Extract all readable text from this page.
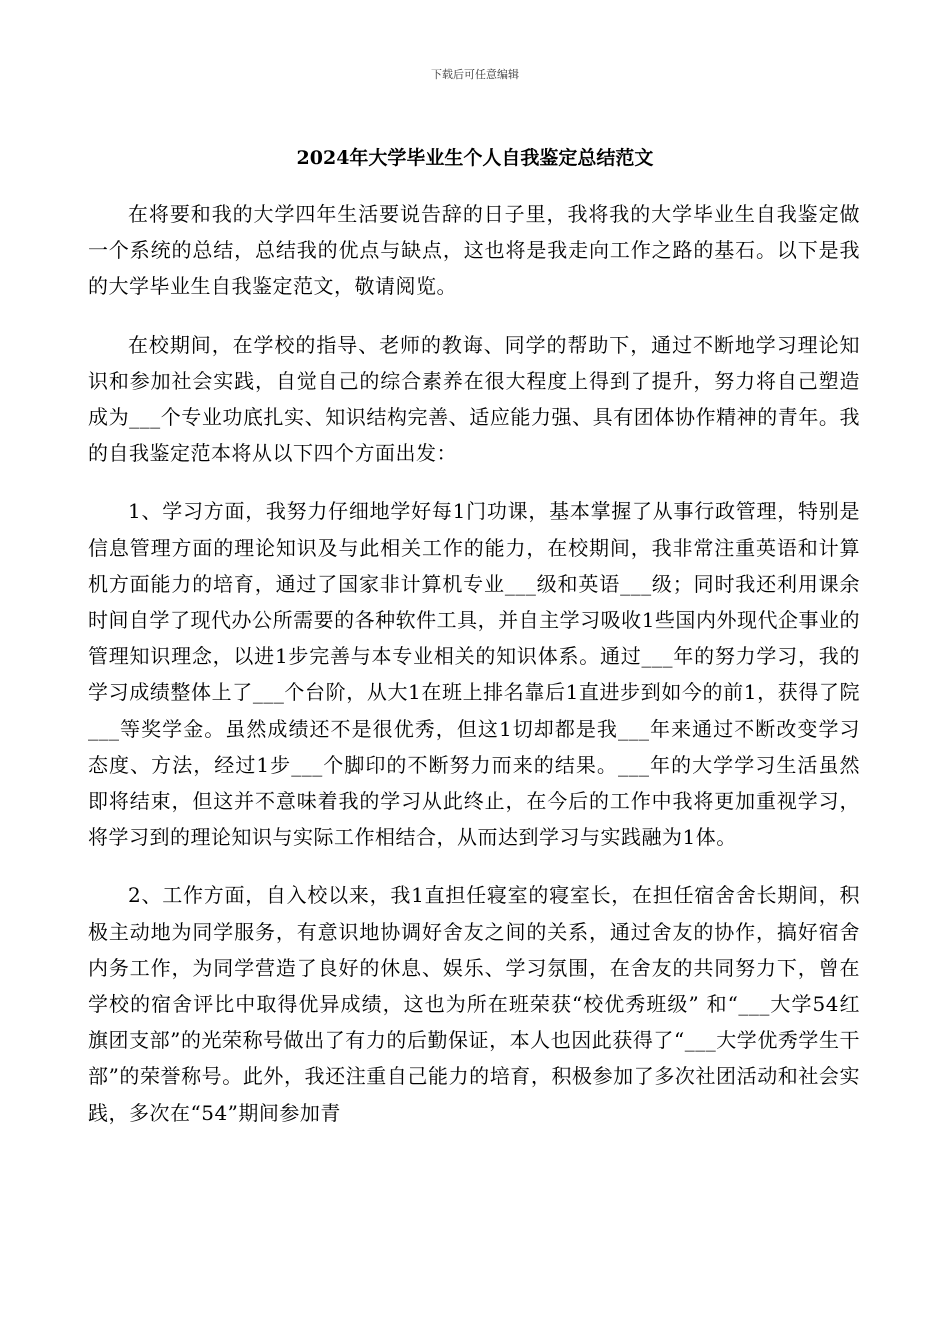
下载后可任意编辑
2024年大学毕业生个人自我鉴定总结范文

在将要和我的大学四年生活要说告辞的日子里，我将我的大学毕业生自我鉴定做一个系统的总结，总结我的优点与缺点，这也将是我走向工作之路的基石。以下是我的大学毕业生自我鉴定范文，敬请阅览。

在校期间，在学校的指导、老师的教诲、同学的帮助下，通过不断地学习理论知识和参加社会实践，自觉自己的综合素养在很大程度上得到了提升，努力将自己塑造成为___个专业功底扎实、知识结构完善、适应能力强、具有团体协作精神的青年。我的自我鉴定范本将从以下四个方面出发：

1、学习方面，我努力仔细地学好每1门功课，基本掌握了从事行政管理，特别是信息管理方面的理论知识及与此相关工作的能力，在校期间，我非常注重英语和计算机方面能力的培育，通过了国家非计算机专业___级和英语___级；同时我还利用课余时间自学了现代办公所需要的各种软件工具，并自主学习吸收1些国内外现代企事业的管理知识理念，以进1步完善与本专业相关的知识体系。通过___年的努力学习，我的学习成绩整体上了___个台阶，从大1在班上排名靠后1直进步到如今的前1，获得了院___等奖学金。虽然成绩还不是很优秀，但这1切却都是我___年来通过不断改变学习态度、方法，经过1步___个脚印的不断努力而来的结果。___年的大学学习生活虽然即将结束，但这并不意味着我的学习从此终止，在今后的工作中我将更加重视学习，将学习到的理论知识与实际工作相结合，从而达到学习与实践融为1体。

2、工作方面，自入校以来，我1直担任寝室的寝室长，在担任宿舍舍长期间，积极主动地为同学服务，有意识地协调好舍友之间的关系，通过舍友的协作，搞好宿舍内务工作，为同学营造了良好的休息、娱乐、学习氛围，在舍友的共同努力下，曾在学校的宿舍评比中取得优异成绩，这也为所在班荣获“校优秀班级” 和“___大学54红旗团支部”的光荣称号做出了有力的后勤保证，本人也因此获得了“___大学优秀学生干部”的荣誉称号。此外，我还注重自己能力的培育，积极参加了多次社团活动和社会实践，多次在“54”期间参加青
